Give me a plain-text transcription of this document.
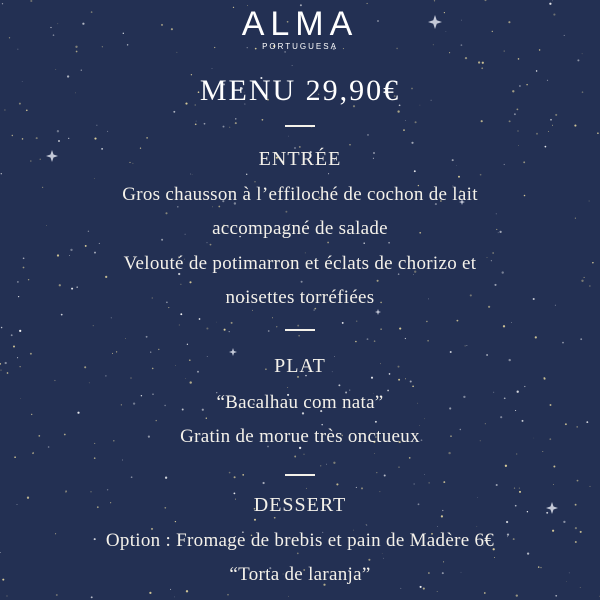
ALMA
PORTUGUESA
MENU 29,90€
ENTRÉE
Gros chausson à l’effiloché de cochon de lait
accompagné de salade
Velouté de potimarron et éclats de chorizo et
noisettes torréfiées
PLAT
“Bacalhau com nata”
Gratin de morue très onctueux
DESSERT
Option : Fromage de brebis et pain de Madère 6€
“Torta de laranja”
